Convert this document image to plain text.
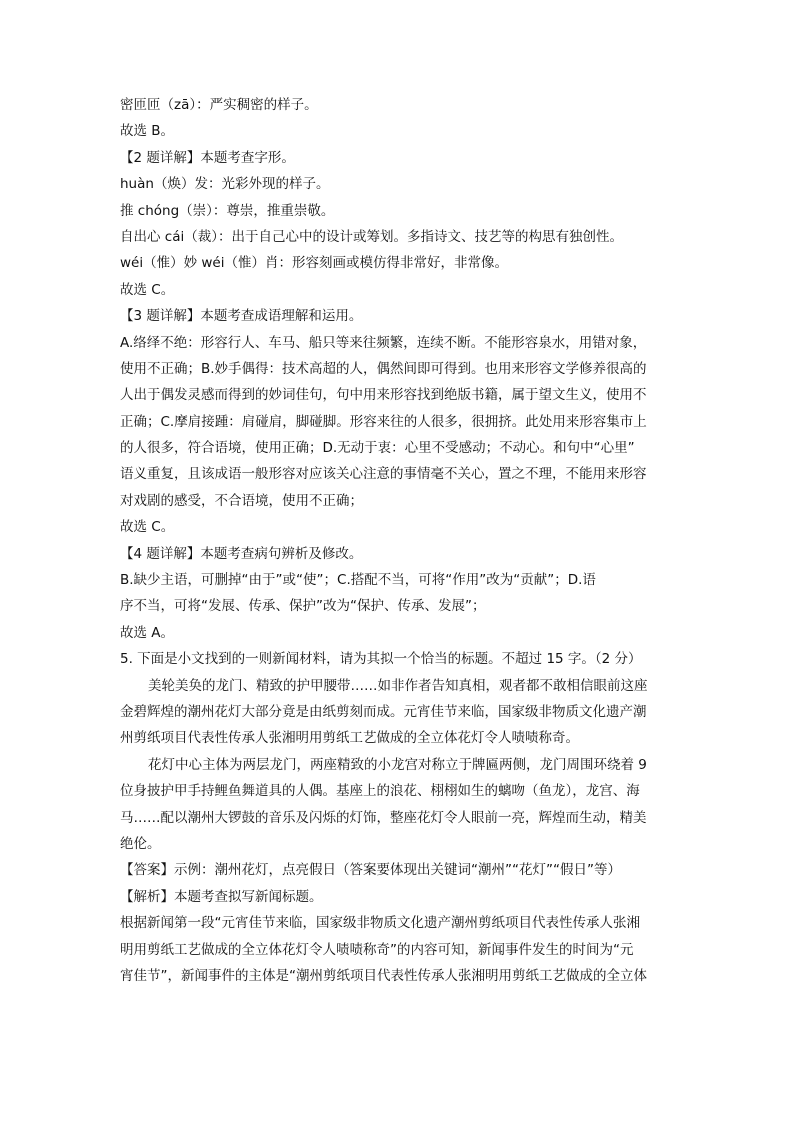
密匝匝（zā）：严实稠密的样子。
故选 B。
【2 题详解】本题考查字形。
huàn（焕）发：光彩外现的样子。
推 chóng（崇）：尊崇，推重崇敬。
自出心 cái（裁）：出于自己心中的设计或筹划。多指诗文、技艺等的构思有独创性。
wéi（惟）妙 wéi（惟）肖：形容刻画或模仿得非常好，非常像。
故选 C。
【3 题详解】本题考查成语理解和运用。
A.络绎不绝：形容行人、车马、船只等来往频繁，连续不断。不能形容泉水，用错对象，
使用不正确；B.妙手偶得：技术高超的人，偶然间即可得到。也用来形容文学修养很高的
人出于偶发灵感而得到的妙词佳句，句中用来形容找到绝版书籍，属于望文生义，使用不
正确；C.摩肩接踵：肩碰肩，脚碰脚。形容来往的人很多，很拥挤。此处用来形容集市上
的人很多，符合语境，使用正确；D.无动于衷：心里不受感动；不动心。和句中“心里”
语义重复，且该成语一般形容对应该关心注意的事情毫不关心，置之不理，不能用来形容
对戏剧的感受，不合语境，使用不正确；
故选 C。
【4 题详解】本题考查病句辨析及修改。
B.缺少主语，可删掉“由于”或“使”；C.搭配不当，可将“作用”改为“贡献”；D.语
序不当，可将“发展、传承、保护”改为“保护、传承、发展”；
故选 A。
5. 下面是小文找到的一则新闻材料，请为其拟一个恰当的标题。不超过 15 字。（2 分）
美轮美奂的龙门、精致的护甲腰带……如非作者告知真相，观者都不敢相信眼前这座
金碧辉煌的潮州花灯大部分竟是由纸剪刻而成。元宵佳节来临，国家级非物质文化遗产潮
州剪纸项目代表性传承人张湘明用剪纸工艺做成的全立体花灯令人啧啧称奇。
花灯中心主体为两层龙门，两座精致的小龙宫对称立于牌匾两侧，龙门周围环绕着 9
位身披护甲手持鲤鱼舞道具的人偶。基座上的浪花、栩栩如生的螭吻（鱼龙），龙宫、海
马……配以潮州大锣鼓的音乐及闪烁的灯饰，整座花灯令人眼前一亮，辉煌而生动，精美
绝伦。
【答案】示例：潮州花灯，点亮假日（答案要体现出关键词“潮州”“花灯”“假日”等）
【解析】本题考查拟写新闻标题。
根据新闻第一段“元宵佳节来临，国家级非物质文化遗产潮州剪纸项目代表性传承人张湘
明用剪纸工艺做成的全立体花灯令人啧啧称奇”的内容可知，新闻事件发生的时间为“元
宵佳节”，新闻事件的主体是“潮州剪纸项目代表性传承人张湘明用剪纸工艺做成的全立体
